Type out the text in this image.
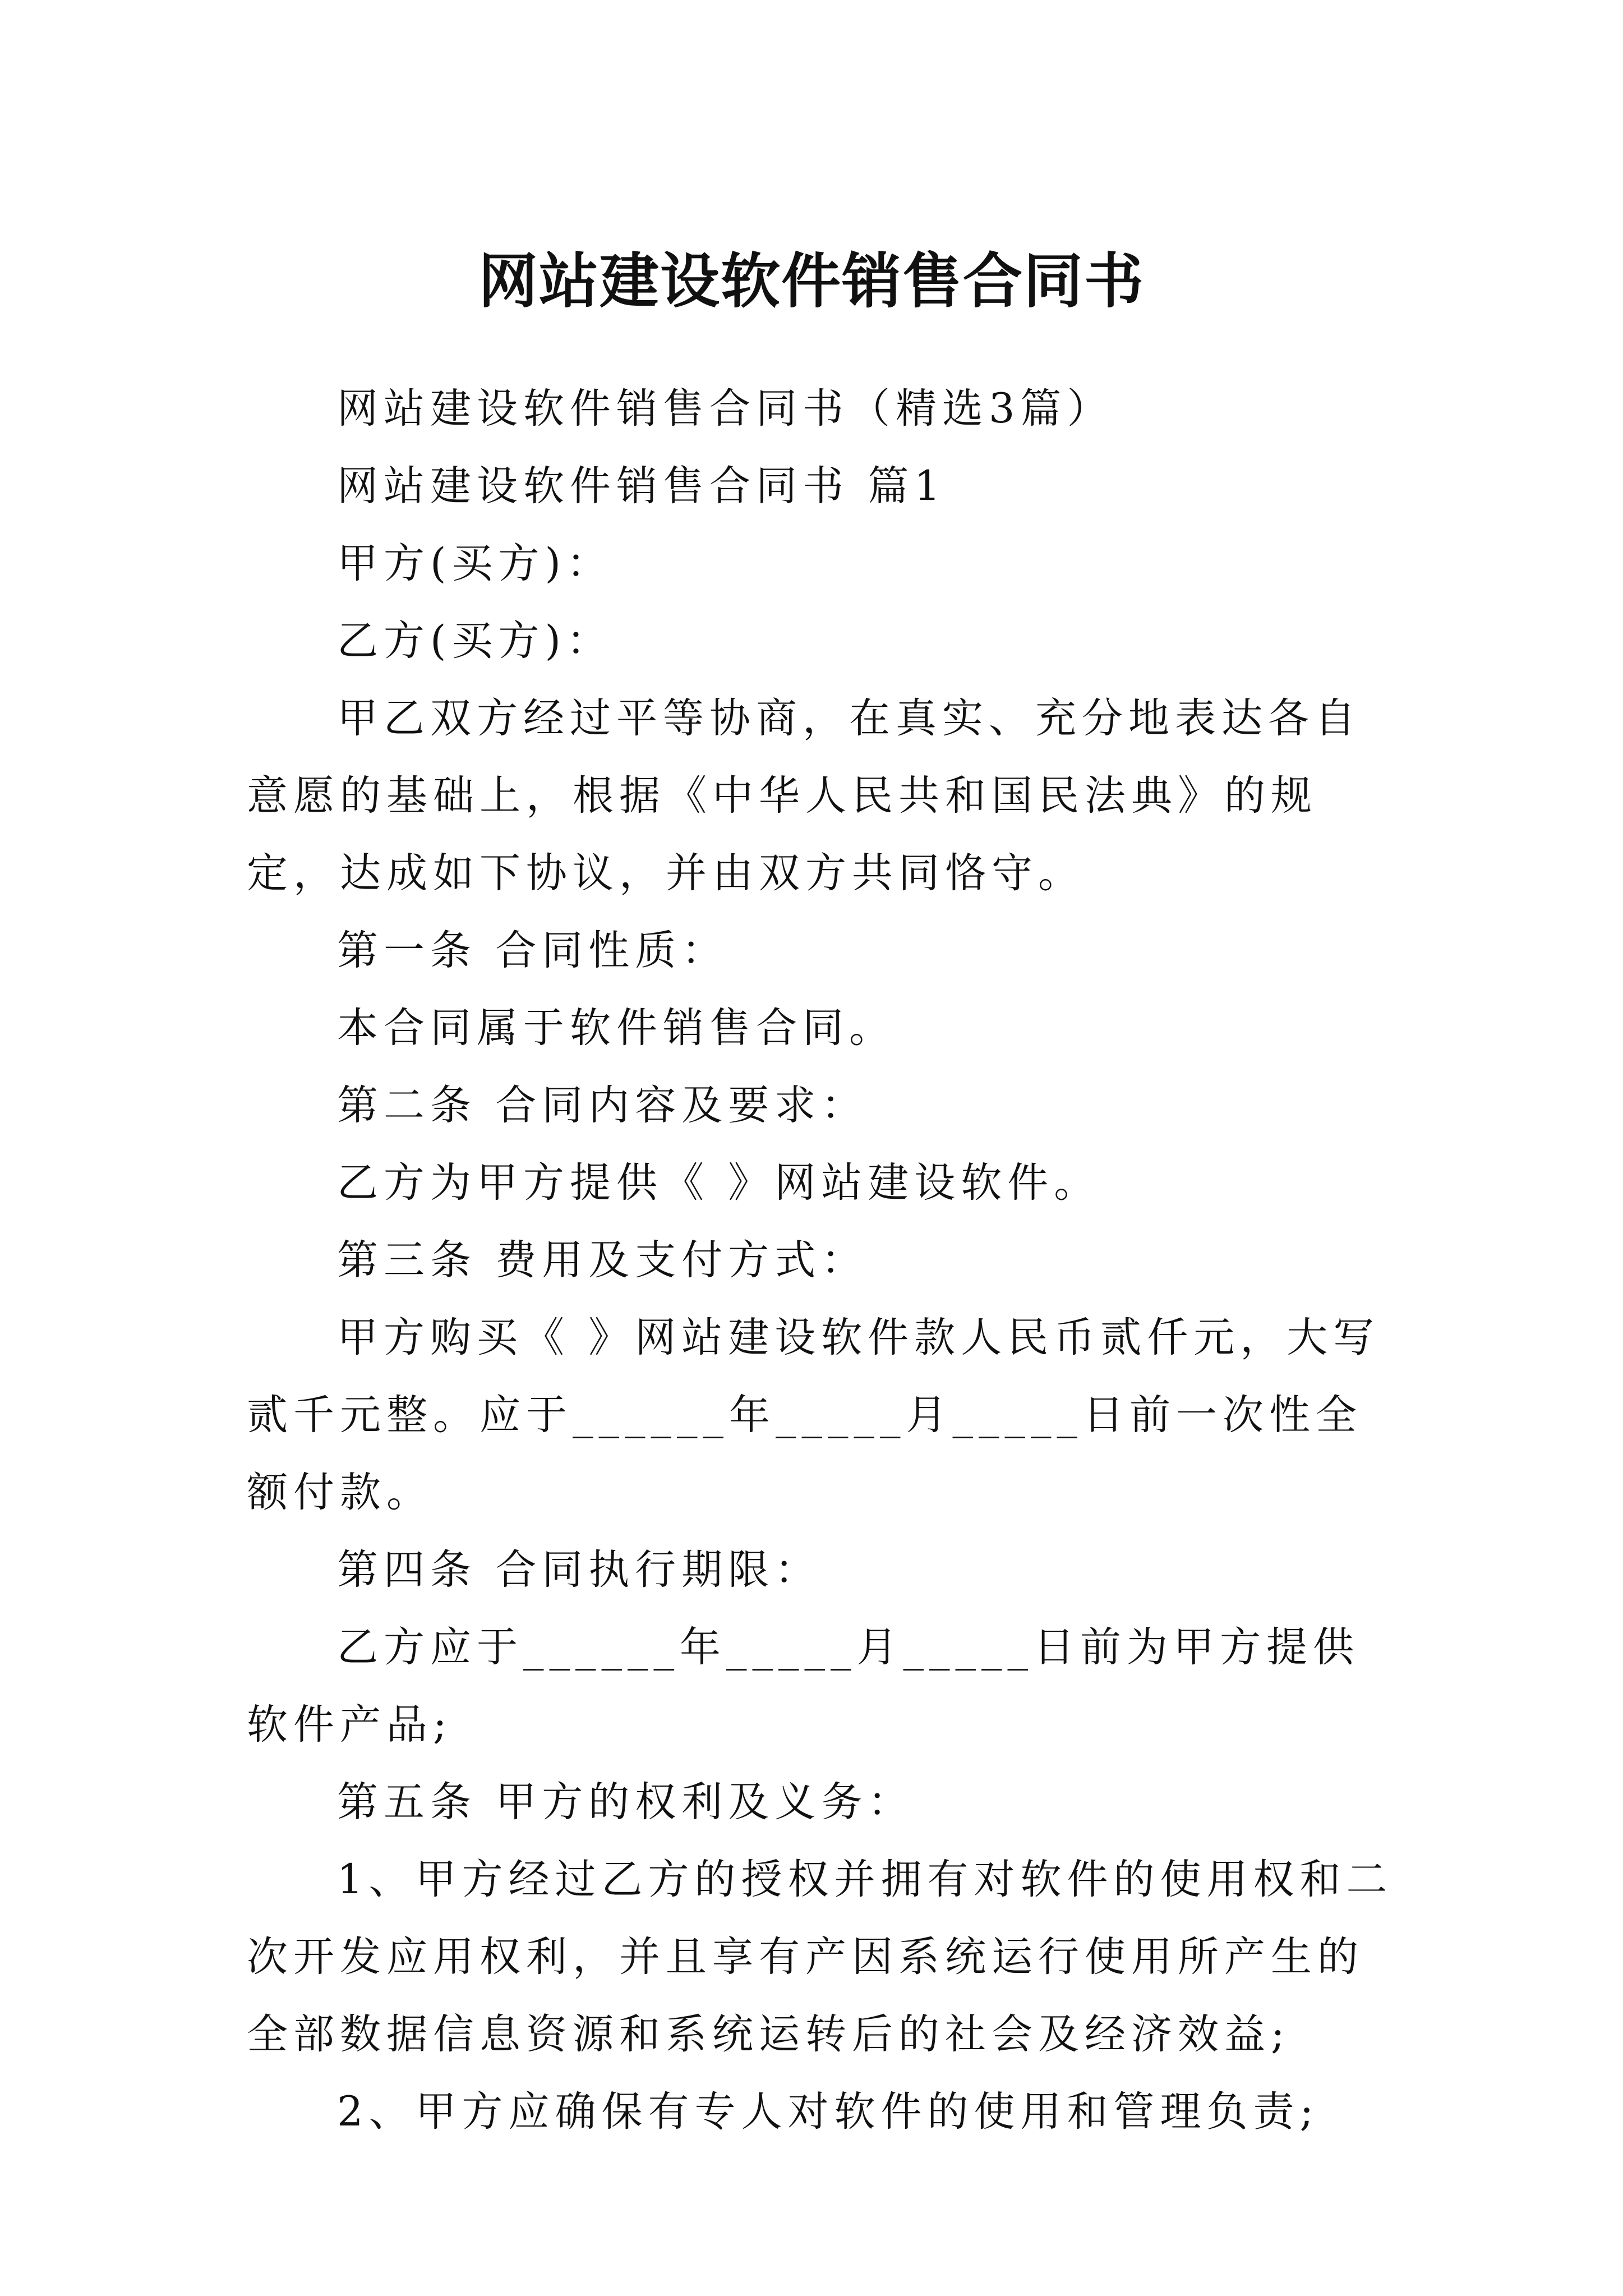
网站建设软件销售合同书

网站建设软件销售合同书（精选3篇）

网站建设软件销售合同书 篇1

甲方(买方)：

乙方(买方)：

甲乙双方经过平等协商，在真实、充分地表达各自意愿的基础上，根据《中华人民共和国民法典》的规定，达成如下协议，并由双方共同恪守。

第一条 合同性质：

本合同属于软件销售合同。

第二条 合同内容及要求：

乙方为甲方提供《 》网站建设软件。

第三条 费用及支付方式：

甲方购买《 》网站建设软件款人民币贰仟元，大写贰千元整。应于______年_____月_____日前一次性全额付款。

第四条 合同执行期限：

乙方应于______年_____月_____日前为甲方提供软件产品;

第五条 甲方的权利及义务：

1、甲方经过乙方的授权并拥有对软件的使用权和二次开发应用权利，并且享有产因系统运行使用所产生的全部数据信息资源和系统运转后的社会及经济效益;

2、甲方应确保有专人对软件的使用和管理负责;
